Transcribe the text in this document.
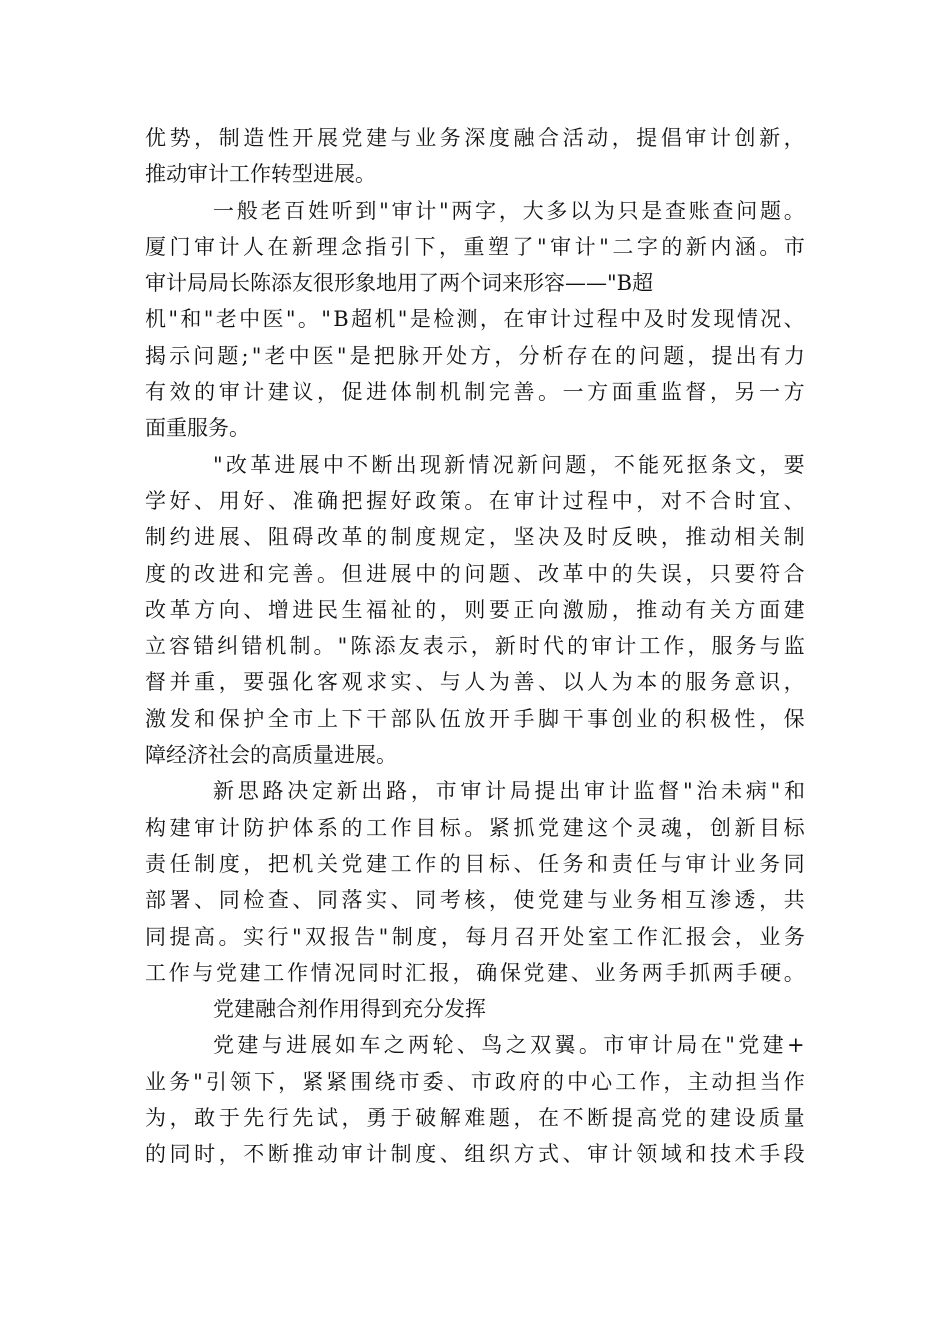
优 势 ， 制 造 性 开 展 党 建 与 业 务 深 度 融 合 活 动 ， 提 倡 审 计 创 新 ，
推动审计工作转型进展。
一 般 老 百 姓 听 到 " 审 计 " 两 字 ， 大 多 以 为 只 是 查 账 查 问 题 。
厦 门 审 计 人 在 新 理 念 指 引 下 ， 重 塑 了 " 审 计 " 二 字 的 新 内 涵 。 市
审计局局长陈添友很形象地用了两个词来形容——"B超
机 " 和 " 老 中 医 " 。 " B 超 机 " 是 检 测 ， 在 审 计 过 程 中 及 时 发 现 情 况 、
揭 示 问 题 ; " 老 中 医 " 是 把 脉 开 处 方 ， 分 析 存 在 的 问 题 ， 提 出 有 力
有 效 的 审 计 建 议 ， 促 进 体 制 机 制 完 善 。 一 方 面 重 监 督 ， 另 一 方
面重服务。
" 改 革 进 展 中 不 断 出 现 新 情 况 新 问 题 ， 不 能 死 抠 条 文 ， 要
学 好 、 用 好 、 准 确 把 握 好 政 策 。 在 审 计 过 程 中 ， 对 不 合 时 宜 、
制 约 进 展 、 阻 碍 改 革 的 制 度 规 定 ， 坚 决 及 时 反 映 ， 推 动 相 关 制
度 的 改 进 和 完 善 。 但 进 展 中 的 问 题 、 改 革 中 的 失 误 ， 只 要 符 合
改 革 方 向 、 增 进 民 生 福 祉 的 ， 则 要 正 向 激 励 ， 推 动 有 关 方 面 建
立 容 错 纠 错 机 制 。 " 陈 添 友 表 示 ， 新 时 代 的 审 计 工 作 ， 服 务 与 监
督 并 重 ， 要 强 化 客 观 求 实 、 与 人 为 善 、 以 人 为 本 的 服 务 意 识 ，
激 发 和 保 护 全 市 上 下 干 部 队 伍 放 开 手 脚 干 事 创 业 的 积 极 性 ， 保
障经济社会的高质量进展。
新 思 路 决 定 新 出 路 ， 市 审 计 局 提 出 审 计 监 督 " 治 未 病 " 和
构 建 审 计 防 护 体 系 的 工 作 目 标 。 紧 抓 党 建 这 个 灵 魂 ， 创 新 目 标
责 任 制 度 ， 把 机 关 党 建 工 作 的 目 标 、 任 务 和 责 任 与 审 计 业 务 同
部 署 、 同 检 查 、 同 落 实 、 同 考 核 ， 使 党 建 与 业 务 相 互 渗 透 ， 共
同 提 高 。 实 行 " 双 报 告 " 制 度 ， 每 月 召 开 处 室 工 作 汇 报 会 ， 业 务
工 作 与 党 建 工 作 情 况 同 时 汇 报 ， 确 保 党 建 、 业 务 两 手 抓 两 手 硬 。
党建融合剂作用得到充分发挥
党 建 与 进 展 如 车 之 两 轮 、 鸟 之 双 翼 。 市 审 计 局 在 " 党 建 +
业 务 " 引 领 下 ， 紧 紧 围 绕 市 委 、 市 政 府 的 中 心 工 作 ， 主 动 担 当 作
为 ， 敢 于 先 行 先 试 ， 勇 于 破 解 难 题 ， 在 不 断 提 高 党 的 建 设 质 量
的 同 时 ， 不 断 推 动 审 计 制 度 、 组 织 方 式 、 审 计 领 域 和 技 术 手 段
